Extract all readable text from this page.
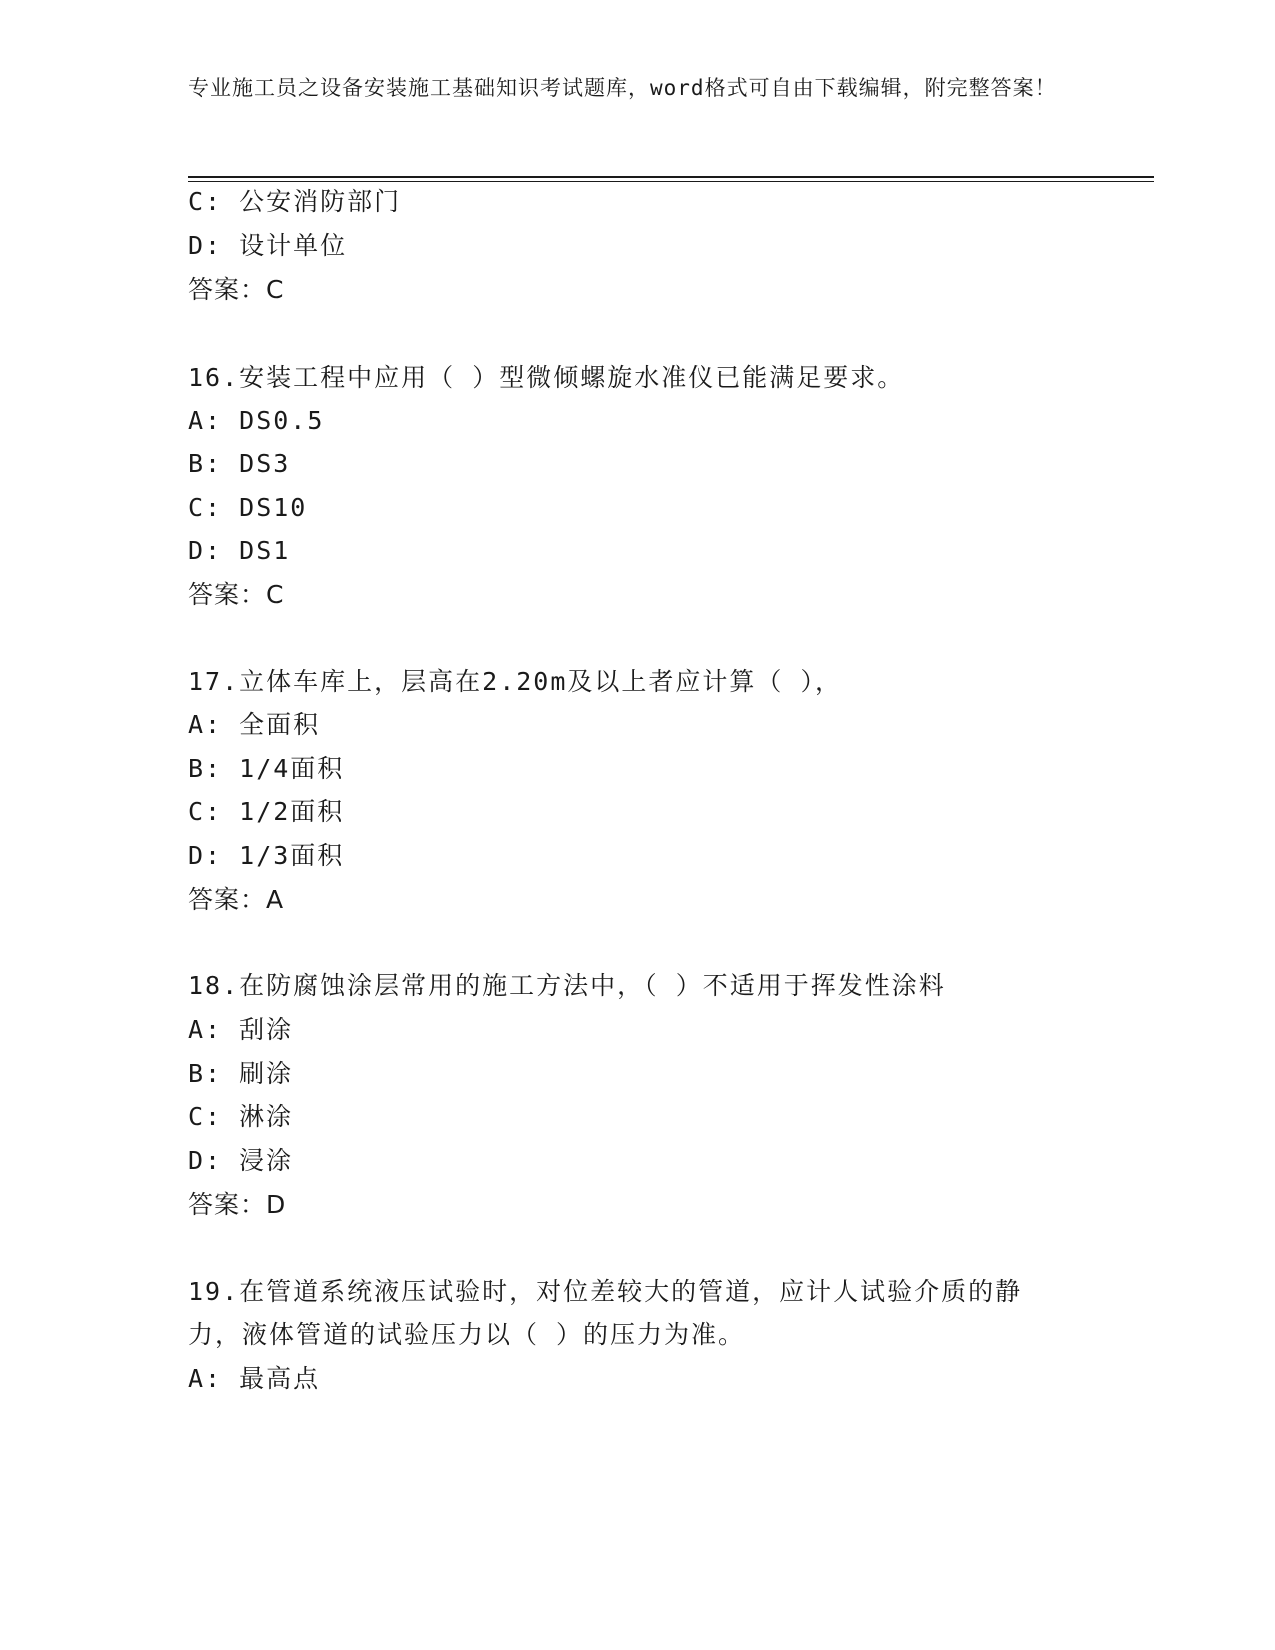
专业施工员之设备安装施工基础知识考试题库，word格式可自由下载编辑，附完整答案！
C: 公安消防部门
D: 设计单位
答案：C
16.安装工程中应用（ ）型微倾螺旋水准仪已能满足要求。
A: DS0.5
B: DS3
C: DS10
D: DS1
答案：C
17.立体车库上，层高在2.20m及以上者应计算（ ），
A: 全面积
B: 1/4面积
C: 1/2面积
D: 1/3面积
答案：A
18.在防腐蚀涂层常用的施工方法中，（ ）不适用于挥发性涂料
A: 刮涂
B: 刷涂
C: 淋涂
D: 浸涂
答案：D
19.在管道系统液压试验时，对位差较大的管道，应计人试验介质的静
力，液体管道的试验压力以（ ）的压力为准。
A: 最高点
